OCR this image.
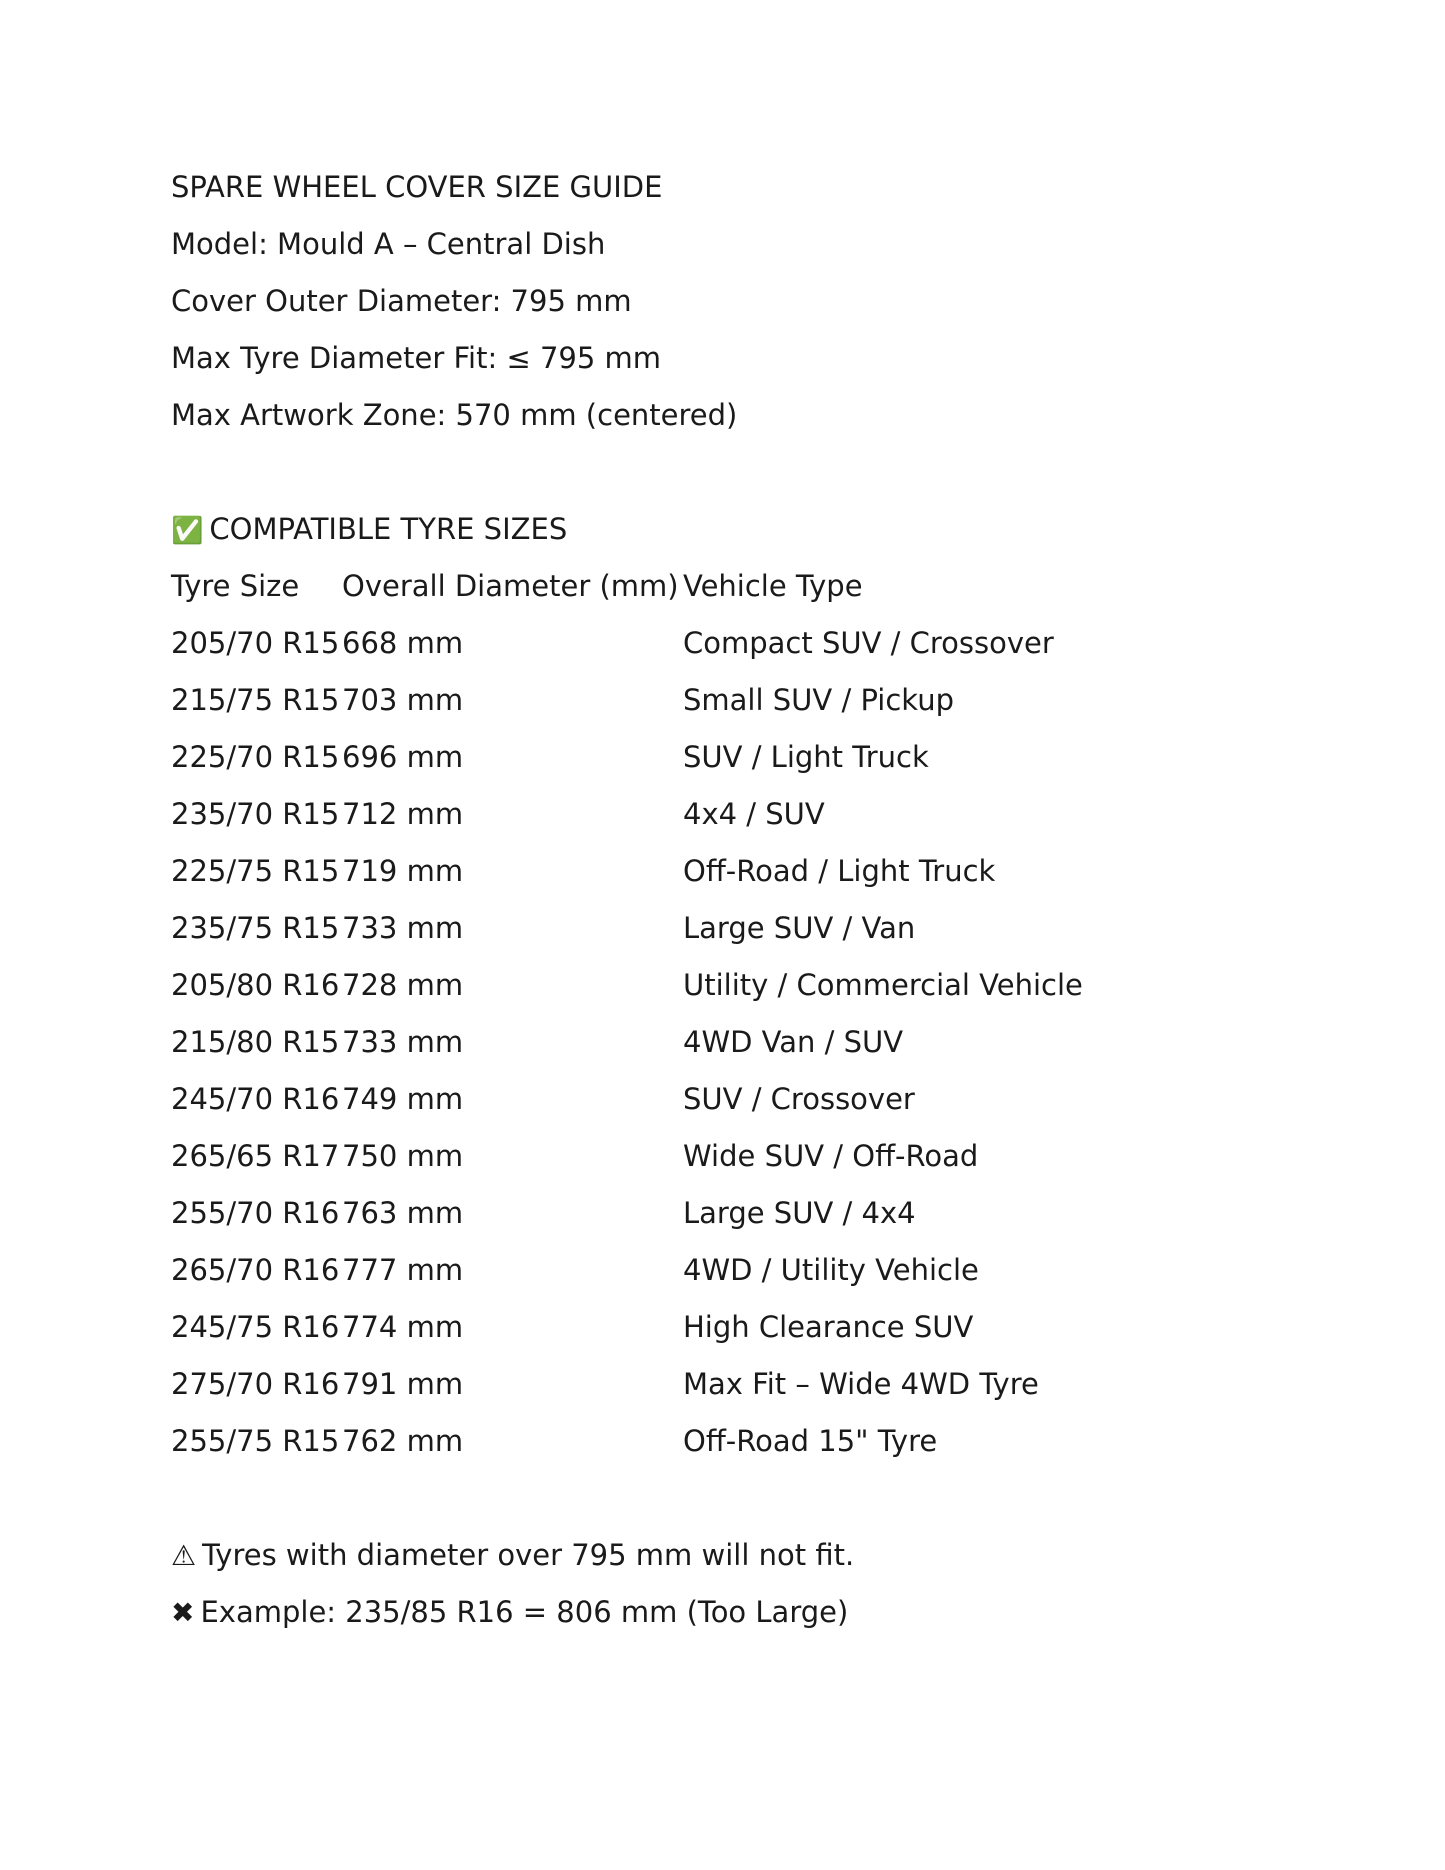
SPARE WHEEL COVER SIZE GUIDE
Model: Mould A – Central Dish
Cover Outer Diameter: 795 mm
Max Tyre Diameter Fit: ≤ 795 mm
Max Artwork Zone: 570 mm (centered)
✅ COMPATIBLE TYRE SIZES
Tyre Size	Overall Diameter (mm) Vehicle Type
205/70 R15 668 mm	Compact SUV / Crossover
215/75 R15 703 mm	Small SUV / Pickup
225/70 R15 696 mm	SUV / Light Truck
235/70 R15 712 mm	4x4 / SUV
225/75 R15 719 mm	Off-Road / Light Truck
235/75 R15 733 mm	Large SUV / Van
205/80 R16 728 mm	Utility / Commercial Vehicle
215/80 R15 733 mm	4WD Van / SUV
245/70 R16 749 mm	SUV / Crossover
265/65 R17 750 mm	Wide SUV / Off-Road
255/70 R16 763 mm	Large SUV / 4x4
265/70 R16 777 mm	4WD / Utility Vehicle
245/75 R16 774 mm	High Clearance SUV
275/70 R16 791 mm	Max Fit – Wide 4WD Tyre
255/75 R15 762 mm	Off-Road 15" Tyre
⚠ Tyres with diameter over 795 mm will not fit.
✖ Example: 235/85 R16 = 806 mm (Too Large)
